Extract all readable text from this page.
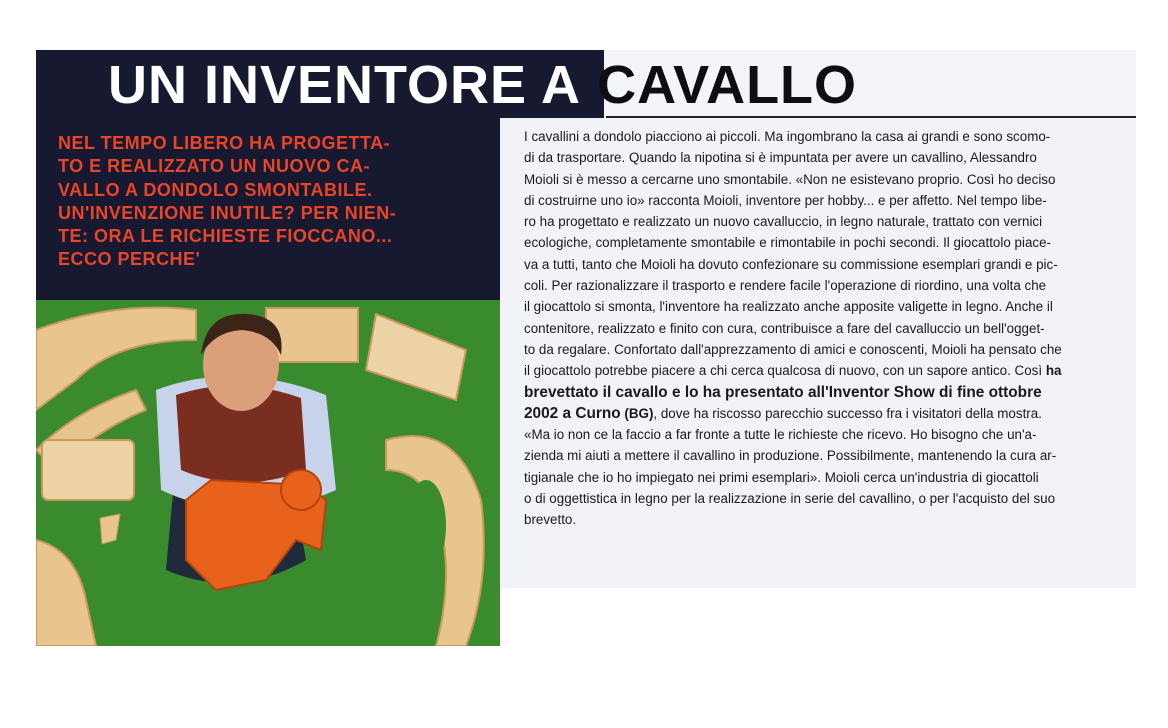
UN INVENTORE A CAVALLO

NEL TEMPO LIBERO HA PROGETTA-
TO E REALIZZATO UN NUOVO CA-
VALLO A DONDOLO SMONTABILE.
UN'INVENZIONE INUTILE? PER NIEN-
TE: ORA LE RICHIESTE FIOCCANO...
ECCO PERCHE'

I cavallini a dondolo piacciono ai piccoli. Ma ingombrano la casa ai grandi e sono scomo-
di da trasportare. Quando la nipotina si è impuntata per avere un cavallino, Alessandro
Moioli si è messo a cercarne uno smontabile. «Non ne esistevano proprio. Così ho deciso
di costruirne uno io» racconta Moioli, inventore per hobby... e per affetto. Nel tempo libe-
ro ha progettato e realizzato un nuovo cavalluccio, in legno naturale, trattato con vernici
ecologiche, completamente smontabile e rimontabile in pochi secondi. Il giocattolo piace-
va a tutti, tanto che Moioli ha dovuto confezionare su commissione esemplari grandi e pic-
coli. Per razionalizzare il trasporto e rendere facile l'operazione di riordino, una volta che
il giocattolo si smonta, l'inventore ha realizzato anche apposite valigette in legno. Anche il
contenitore, realizzato e finito con cura, contribuisce a fare del cavalluccio un bell'ogget-
to da regalare. Confortato dall'apprezzamento di amici e conoscenti, Moioli ha pensato che
il giocattolo potrebbe piacere a chi cerca qualcosa di nuovo, con un sapore antico. Così ha
brevettato il cavallo e lo ha presentato all'Inventor Show di fine ottobre
2002 a Curno (BG), dove ha riscosso parecchio successo fra i visitatori della mostra.
«Ma io non ce la faccio a far fronte a tutte le richieste che ricevo. Ho bisogno che un'a-
zienda mi aiuti a mettere il cavallino in produzione. Possibilmente, mantenendo la cura ar-
tigianale che io ho impiegato nei primi esemplari». Moioli cerca un'industria di giocattoli
o di oggettistica in legno per la realizzazione in serie del cavallino, o per l'acquisto del suo
brevetto.
